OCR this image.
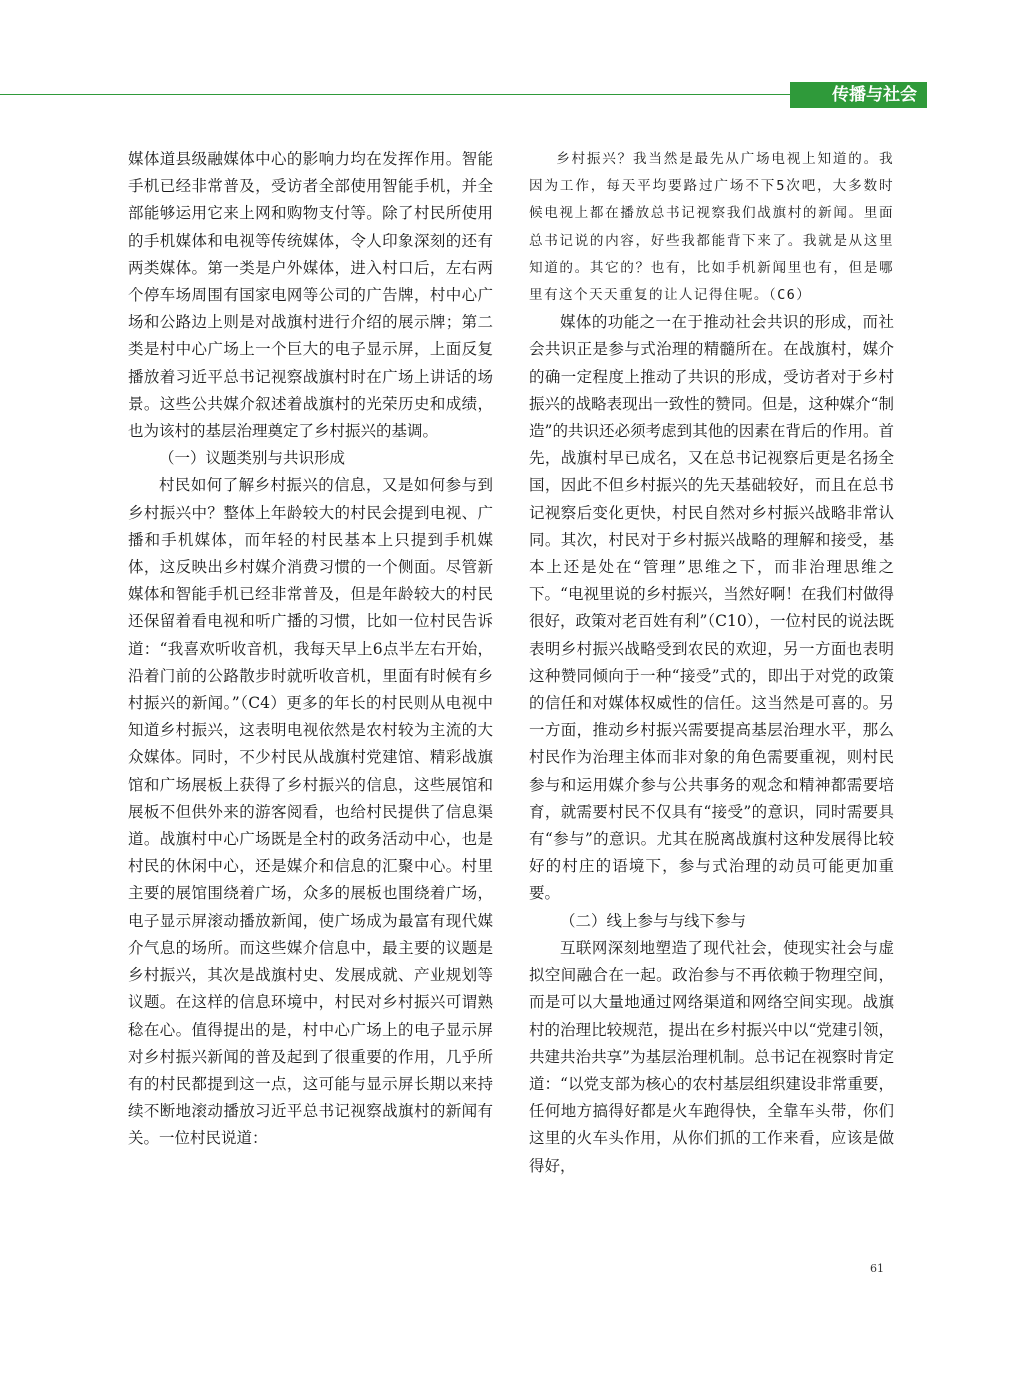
传播与社会

媒体道县级融媒体中心的影响力均在发挥作用。智能手机已经非常普及，受访者全部使用智能手机，并全部能够运用它来上网和购物支付等。除了村民所使用的手机媒体和电视等传统媒体，令人印象深刻的还有两类媒体。第一类是户外媒体，进入村口后，左右两个停车场周围有国家电网等公司的广告牌，村中心广场和公路边上则是对战旗村进行介绍的展示牌；第二类是村中心广场上一个巨大的电子显示屏，上面反复播放着习近平总书记视察战旗村时在广场上讲话的场景。这些公共媒介叙述着战旗村的光荣历史和成绩，也为该村的基层治理奠定了乡村振兴的基调。

（一）议题类别与共识形成

村民如何了解乡村振兴的信息，又是如何参与到乡村振兴中？整体上年龄较大的村民会提到电视、广播和手机媒体，而年轻的村民基本上只提到手机媒体，这反映出乡村媒介消费习惯的一个侧面。尽管新媒体和智能手机已经非常普及，但是年龄较大的村民还保留着看电视和听广播的习惯，比如一位村民告诉道：“我喜欢听收音机，我每天早上6点半左右开始，沿着门前的公路散步时就听收音机，里面有时候有乡村振兴的新闻。”（C4）更多的年长的村民则从电视中知道乡村振兴，这表明电视依然是农村较为主流的大众媒体。同时，不少村民从战旗村党建馆、精彩战旗馆和广场展板上获得了乡村振兴的信息，这些展馆和展板不但供外来的游客阅看，也给村民提供了信息渠道。战旗村中心广场既是全村的政务活动中心，也是村民的休闲中心，还是媒介和信息的汇聚中心。村里主要的展馆围绕着广场，众多的展板也围绕着广场，电子显示屏滚动播放新闻，使广场成为最富有现代媒介气息的场所。而这些媒介信息中，最主要的议题是乡村振兴，其次是战旗村史、发展成就、产业规划等议题。在这样的信息环境中，村民对乡村振兴可谓熟稔在心。值得提出的是，村中心广场上的电子显示屏对乡村振兴新闻的普及起到了很重要的作用，几乎所有的村民都提到这一点，这可能与显示屏长期以来持续不断地滚动播放习近平总书记视察战旗村的新闻有关。一位村民说道：

乡村振兴？我当然是最先从广场电视上知道的。我因为工作，每天平均要路过广场不下5次吧，大多数时候电视上都在播放总书记视察我们战旗村的新闻。里面总书记说的内容，好些我都能背下来了。我就是从这里知道的。其它的？也有，比如手机新闻里也有，但是哪里有这个天天重复的让人记得住呢。（C6）

媒体的功能之一在于推动社会共识的形成，而社会共识正是参与式治理的精髓所在。在战旗村，媒介的确一定程度上推动了共识的形成，受访者对于乡村振兴的战略表现出一致性的赞同。但是，这种媒介“制造”的共识还必须考虑到其他的因素在背后的作用。首先，战旗村早已成名，又在总书记视察后更是名扬全国，因此不但乡村振兴的先天基础较好，而且在总书记视察后变化更快，村民自然对乡村振兴战略非常认同。其次，村民对于乡村振兴战略的理解和接受，基本上还是处在“管理”思维之下，而非治理思维之下。“电视里说的乡村振兴，当然好啊！在我们村做得很好，政策对老百姓有利”（C10），一位村民的说法既表明乡村振兴战略受到农民的欢迎，另一方面也表明这种赞同倾向于一种“接受”式的，即出于对党的政策的信任和对媒体权威性的信任。这当然是可喜的。另一方面，推动乡村振兴需要提高基层治理水平，那么村民作为治理主体而非对象的角色需要重视，则村民参与和运用媒介参与公共事务的观念和精神都需要培育，就需要村民不仅具有“接受”的意识，同时需要具有“参与”的意识。尤其在脱离战旗村这种发展得比较好的村庄的语境下，参与式治理的动员可能更加重要。

（二）线上参与与线下参与

互联网深刻地塑造了现代社会，使现实社会与虚拟空间融合在一起。政治参与不再依赖于物理空间，而是可以大量地通过网络渠道和网络空间实现。战旗村的治理比较规范，提出在乡村振兴中以“党建引领，共建共治共享”为基层治理机制。总书记在视察时肯定道：“以党支部为核心的农村基层组织建设非常重要，任何地方搞得好都是火车跑得快，全靠车头带，你们这里的火车头作用，从你们抓的工作来看，应该是做得好，

61
